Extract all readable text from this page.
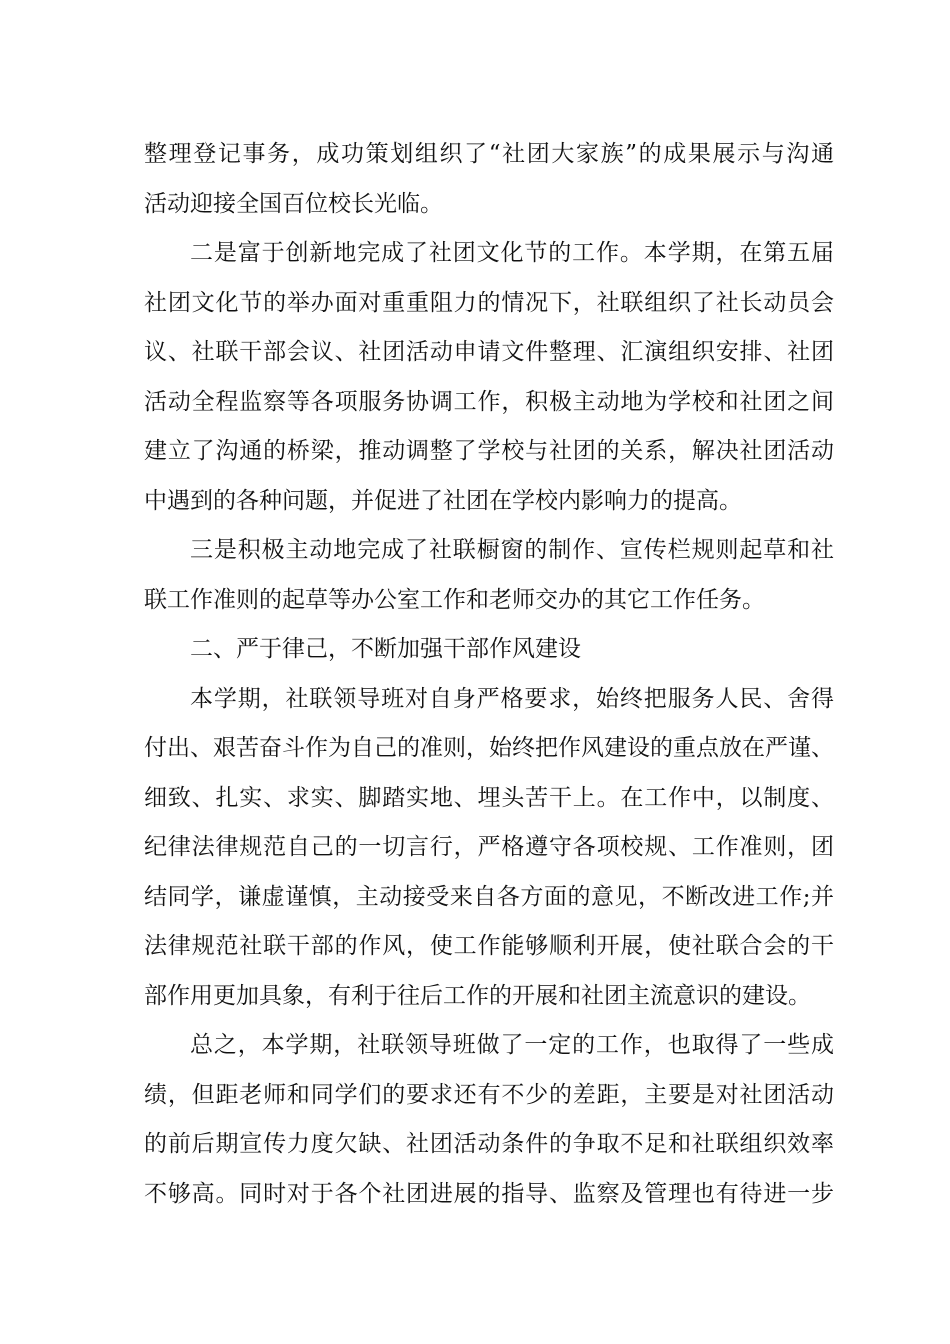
整理登记事务，成功策划组织了“社团大家族”的成果展示与沟通
活动迎接全国百位校长光临。
二是富于创新地完成了社团文化节的工作。本学期，在第五届
社团文化节的举办面对重重阻力的情况下，社联组织了社长动员会
议、社联干部会议、社团活动申请文件整理、汇演组织安排、社团
活动全程监察等各项服务协调工作，积极主动地为学校和社团之间
建立了沟通的桥梁，推动调整了学校与社团的关系，解决社团活动
中遇到的各种问题，并促进了社团在学校内影响力的提高。
三是积极主动地完成了社联橱窗的制作、宣传栏规则起草和社
联工作准则的起草等办公室工作和老师交办的其它工作任务。
二、严于律己，不断加强干部作风建设
本学期，社联领导班对自身严格要求，始终把服务人民、舍得
付出、艰苦奋斗作为自己的准则，始终把作风建设的重点放在严谨、
细致、扎实、求实、脚踏实地、埋头苦干上。在工作中，以制度、
纪律法律规范自己的一切言行，严格遵守各项校规、工作准则，团
结同学，谦虚谨慎，主动接受来自各方面的意见，不断改进工作;并
法律规范社联干部的作风，使工作能够顺利开展，使社联合会的干
部作用更加具象，有利于往后工作的开展和社团主流意识的建设。
总之，本学期，社联领导班做了一定的工作，也取得了一些成
绩，但距老师和同学们的要求还有不少的差距，主要是对社团活动
的前后期宣传力度欠缺、社团活动条件的争取不足和社联组织效率
不够高。同时对于各个社团进展的指导、监察及管理也有待进一步
